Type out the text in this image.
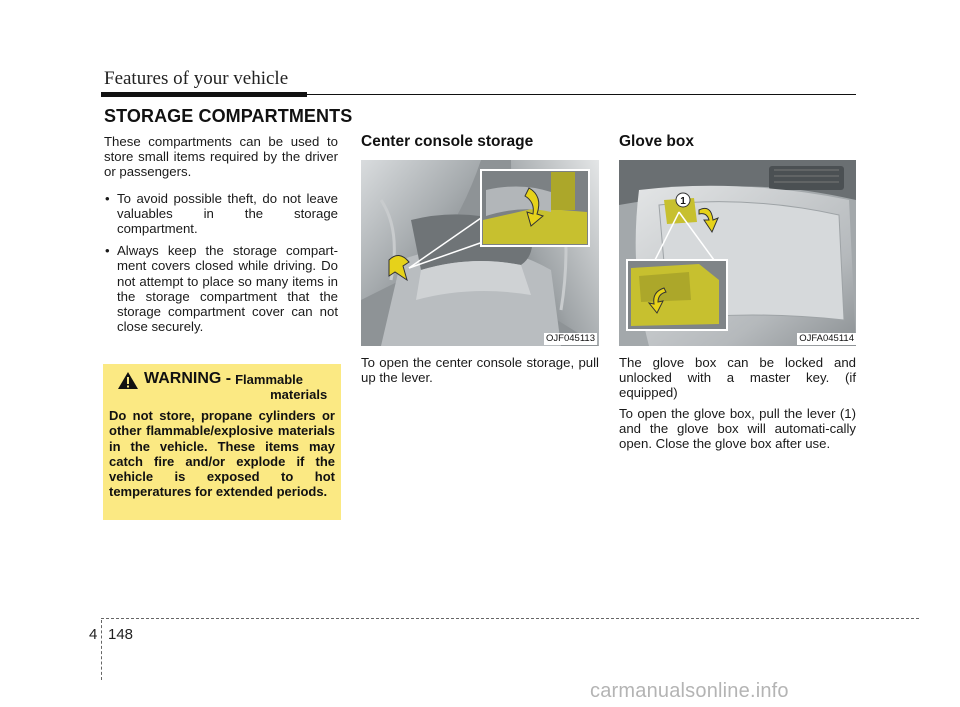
Features of your vehicle
STORAGE COMPARTMENTS
These compartments can be used to store small items required by the driver or passengers.
• To avoid possible theft, do not leave valuables in the storage compartment.
• Always keep the storage compart-ment covers closed while driving. Do not attempt to place so many items in the storage compartment that the storage compartment cover can not close securely.
WARNING - Flammable
materials
Do not store, propane cylinders or other flammable/explosive materials in the vehicle. These items may catch fire and/or explode if the vehicle is exposed to hot temperatures for extended periods.
Center console storage
OJF045113
To open the center console storage, pull up the lever.
Glove box
1
OJFA045114
The glove box can be locked and unlocked with a master key. (if equipped)
To open the glove box, pull the lever (1) and the glove box will automati-cally open. Close the glove box after use.
4 148
carmanualsonline.info
